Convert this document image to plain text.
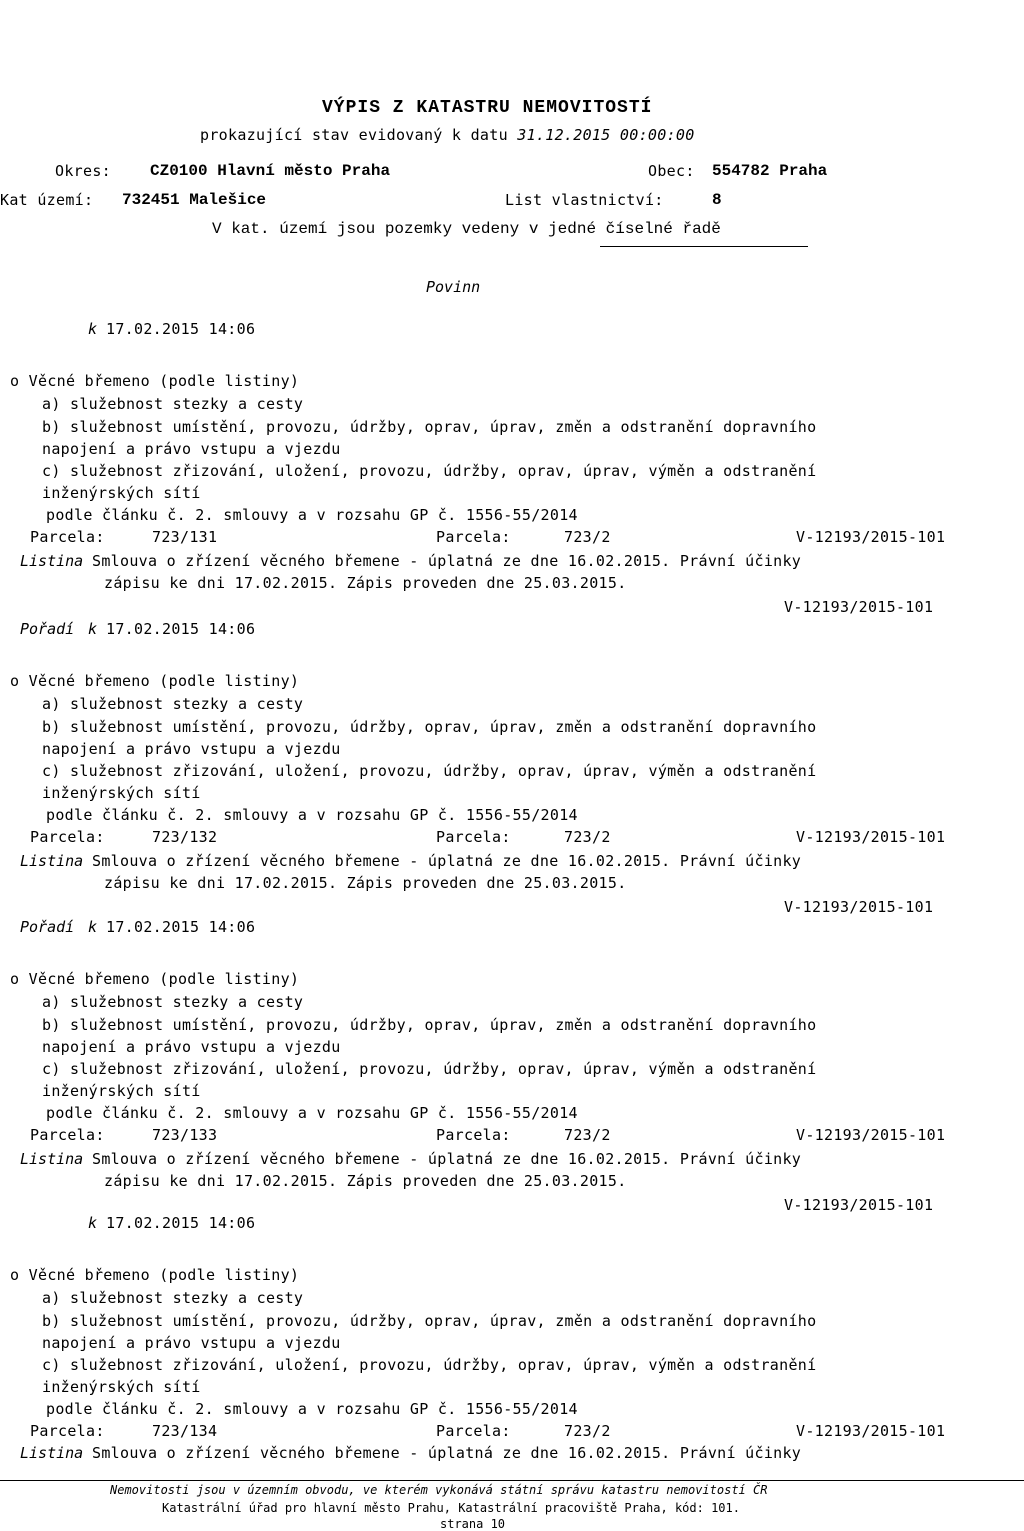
VÝPIS Z KATASTRU NEMOVITOSTÍ
prokazující stav evidovaný k datu 31.12.2015 00:00:00
Okres: CZ0100 Hlavní město Praha	Obec: 554782 Praha
Kat území: 732451 Malešice	List vlastnictví:	8
V kat. území jsou pozemky vedeny v jedné číselné řadě
Povinn
k 17.02.2015 14:06
o Věcné břemeno (podle listiny)
a) služebnost stezky a cesty
b) služebnost umístění, provozu, údržby, oprav, úprav, změn a odstranění dopravního
napojení a právo vstupu a vjezdu
c) služebnost zřizování, uložení, provozu, údržby, oprav, úprav, výměn a odstranění
inženýrských sítí
podle článku č. 2. smlouvy a v rozsahu GP č. 1556-55/2014
Parcela:	723/131	Parcela:	723/2	V-12193/2015-101
Listina Smlouva o zřízení věcného břemene - úplatná ze dne 16.02.2015. Právní účinky
zápisu ke dni 17.02.2015. Zápis proveden dne 25.03.2015.
V-12193/2015-101
Pořadí k 17.02.2015 14:06
o Věcné břemeno (podle listiny)
a) služebnost stezky a cesty
b) služebnost umístění, provozu, údržby, oprav, úprav, změn a odstranění dopravního
napojení a právo vstupu a vjezdu
c) služebnost zřizování, uložení, provozu, údržby, oprav, úprav, výměn a odstranění
inženýrských sítí
podle článku č. 2. smlouvy a v rozsahu GP č. 1556-55/2014
Parcela:	723/132	Parcela:	723/2	V-12193/2015-101
Listina Smlouva o zřízení věcného břemene - úplatná ze dne 16.02.2015. Právní účinky
zápisu ke dni 17.02.2015. Zápis proveden dne 25.03.2015.
V-12193/2015-101
Pořadí k 17.02.2015 14:06
o Věcné břemeno (podle listiny)
a) služebnost stezky a cesty
b) služebnost umístění, provozu, údržby, oprav, úprav, změn a odstranění dopravního
napojení a právo vstupu a vjezdu
c) služebnost zřizování, uložení, provozu, údržby, oprav, úprav, výměn a odstranění
inženýrských sítí
podle článku č. 2. smlouvy a v rozsahu GP č. 1556-55/2014
Parcela:	723/133	Parcela:	723/2	V-12193/2015-101
Listina Smlouva o zřízení věcného břemene - úplatná ze dne 16.02.2015. Právní účinky
zápisu ke dni 17.02.2015. Zápis proveden dne 25.03.2015.
V-12193/2015-101
k 17.02.2015 14:06
o Věcné břemeno (podle listiny)
a) služebnost stezky a cesty
b) služebnost umístění, provozu, údržby, oprav, úprav, změn a odstranění dopravního
napojení a právo vstupu a vjezdu
c) služebnost zřizování, uložení, provozu, údržby, oprav, úprav, výměn a odstranění
inženýrských sítí
podle článku č. 2. smlouvy a v rozsahu GP č. 1556-55/2014
Parcela:	723/134	Parcela:	723/2	V-12193/2015-101
Listina Smlouva o zřízení věcného břemene - úplatná ze dne 16.02.2015. Právní účinky
Nemovitosti jsou v územním obvodu, ve kterém vykonává státní správu katastru nemovitostí ČR
Katastrální úřad pro hlavní město Prahu, Katastrální pracoviště Praha, kód: 101.
strana 10
